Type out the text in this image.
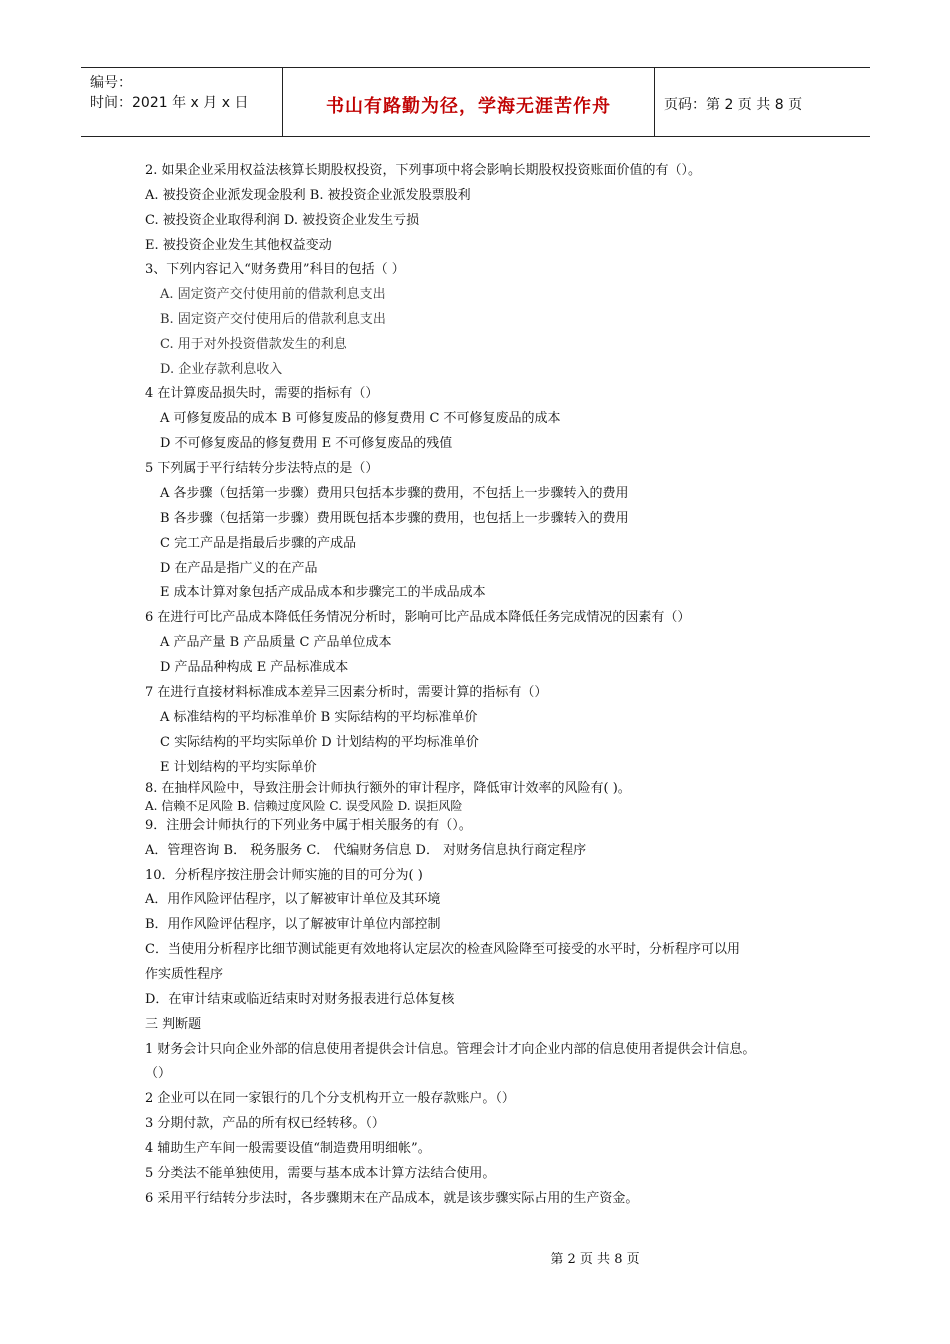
编号：
时间：2021 年 x 月 x 日	书山有路勤为径，学海无涯苦作舟	页码：第 2 页 共 8 页
2. 如果企业采用权益法核算长期股权投资，下列事项中将会影响长期股权投资账面价值的有（）。
A. 被投资企业派发现金股利 B. 被投资企业派发股票股利
C. 被投资企业取得利润 D. 被投资企业发生亏损
E. 被投资企业发生其他权益变动
3、下列内容记入“财务费用”科目的包括（ ）
A. 固定资产交付使用前的借款利息支出
B. 固定资产交付使用后的借款利息支出
C. 用于对外投资借款发生的利息
D. 企业存款利息收入
4 在计算废品损失时，需要的指标有（）
A 可修复废品的成本 B 可修复废品的修复费用 C 不可修复废品的成本
D 不可修复废品的修复费用 E 不可修复废品的残值
5 下列属于平行结转分步法特点的是（）
A 各步骤（包括第一步骤）费用只包括本步骤的费用，不包括上一步骤转入的费用
B 各步骤（包括第一步骤）费用既包括本步骤的费用，也包括上一步骤转入的费用
C 完工产品是指最后步骤的产成品
D 在产品是指广义的在产品
E 成本计算对象包括产成品成本和步骤完工的半成品成本
6 在进行可比产品成本降低任务情况分析时，影响可比产品成本降低任务完成情况的因素有（）
A 产品产量 B 产品质量 C 产品单位成本
D 产品品种构成 E 产品标准成本
7 在进行直接材料标准成本差异三因素分析时，需要计算的指标有（）
A 标准结构的平均标准单价 B 实际结构的平均标准单价
C 实际结构的平均实际单价 D 计划结构的平均标准单价
E 计划结构的平均实际单价
8. 在抽样风险中，导致注册会计师执行额外的审计程序，降低审计效率的风险有( )。
A. 信赖不足风险 B. 信赖过度风险 C. 误受风险 D. 误拒风险
9．注册会计师执行的下列业务中属于相关服务的有（）。
A．管理咨询 B． 税务服务 C． 代编财务信息 D． 对财务信息执行商定程序
10．分析程序按注册会计师实施的目的可分为( )
A．用作风险评估程序，以了解被审计单位及其环境
B．用作风险评估程序，以了解被审计单位内部控制
C．当使用分析程序比细节测试能更有效地将认定层次的检查风险降至可接受的水平时，分析程序可以用
作实质性程序
D．在审计结束或临近结束时对财务报表进行总体复核
三 判断题
1 财务会计只向企业外部的信息使用者提供会计信息。管理会计才向企业内部的信息使用者提供会计信息。
（）
2 企业可以在同一家银行的几个分支机构开立一般存款账户。（）
3 分期付款，产品的所有权已经转移。（）
4 辅助生产车间一般需要设值“制造费用明细帐”。
5 分类法不能单独使用，需要与基本成本计算方法结合使用。
6 采用平行结转分步法时，各步骤期末在产品成本，就是该步骤实际占用的生产资金。
第 2 页 共 8 页
